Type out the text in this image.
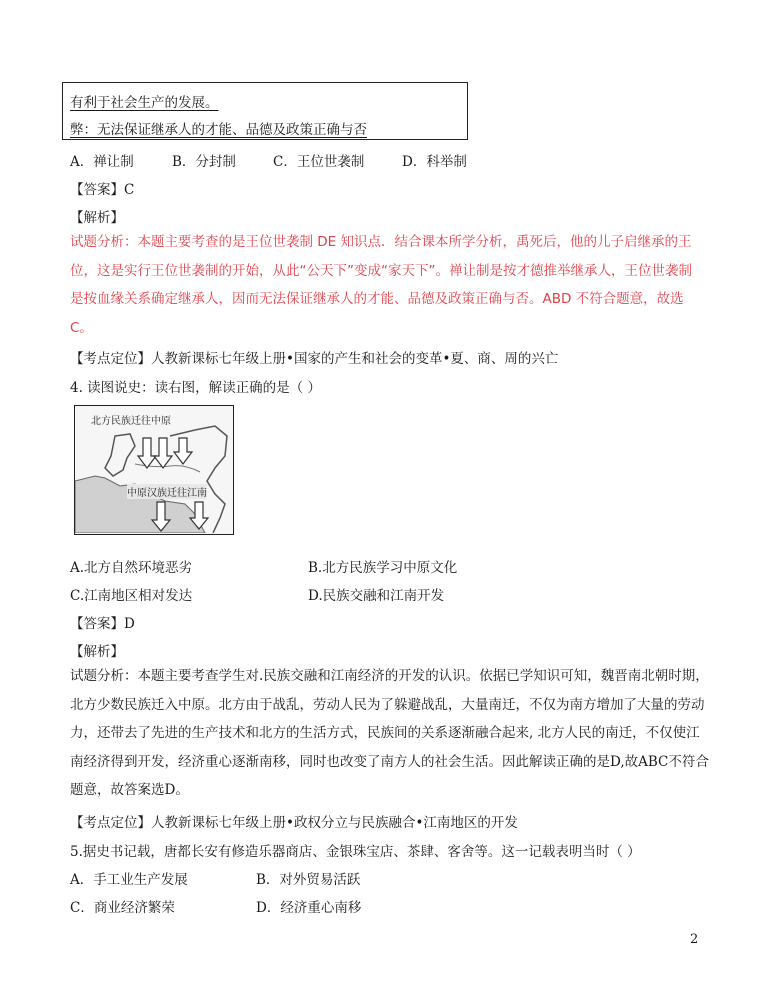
有利于社会生产的发展。
弊：无法保证继承人的才能、品德及政策正确与否
A．禅让制	B．分封制	C．王位世袭制	D．科举制
【答案】C
【解析】
试题分析：本题主要考查的是王位世袭制 DE 知识点．结合课本所学分析，禹死后，他的儿子启继承的王位，这是实行王位世袭制的开始，从此“公天下”变成“家天下”。禅让制是按才德推举继承人，王位世袭制是按血缘关系确定继承人，因而无法保证继承人的才能、品德及政策正确与否。ABD 不符合题意，故选C。
【考点定位】人教新课标七年级上册•国家的产生和社会的变革•夏、商、周的兴亡
4. 读图说史：读右图，解读正确的是（ ）
北方民族迁往中原
中原汉族迁往江南
A.北方自然环境恶劣	B.北方民族学习中原文化
C.江南地区相对发达	D.民族交融和江南开发
【答案】D
【解析】
试题分析：本题主要考查学生对.民族交融和江南经济的开发的认识。依据已学知识可知，魏晋南北朝时期，北方少数民族迁入中原。北方由于战乱，劳动人民为了躲避战乱，大量南迁，不仅为南方增加了大量的劳动力，还带去了先进的生产技术和北方的生活方式，民族间的关系逐渐融合起来, 北方人民的南迁，不仅使江南经济得到开发，经济重心逐渐南移，同时也改变了南方人的社会生活。因此解读正确的是D,故ABC不符合题意，故答案选D。
【考点定位】人教新课标七年级上册•政权分立与民族融合•江南地区的开发
5.据史书记载，唐都长安有修造乐器商店、金银珠宝店、茶肆、客舍等。这一记载表明当时（ ）
A．手工业生产发展	B．对外贸易活跃
C．商业经济繁荣	D．经济重心南移
2
